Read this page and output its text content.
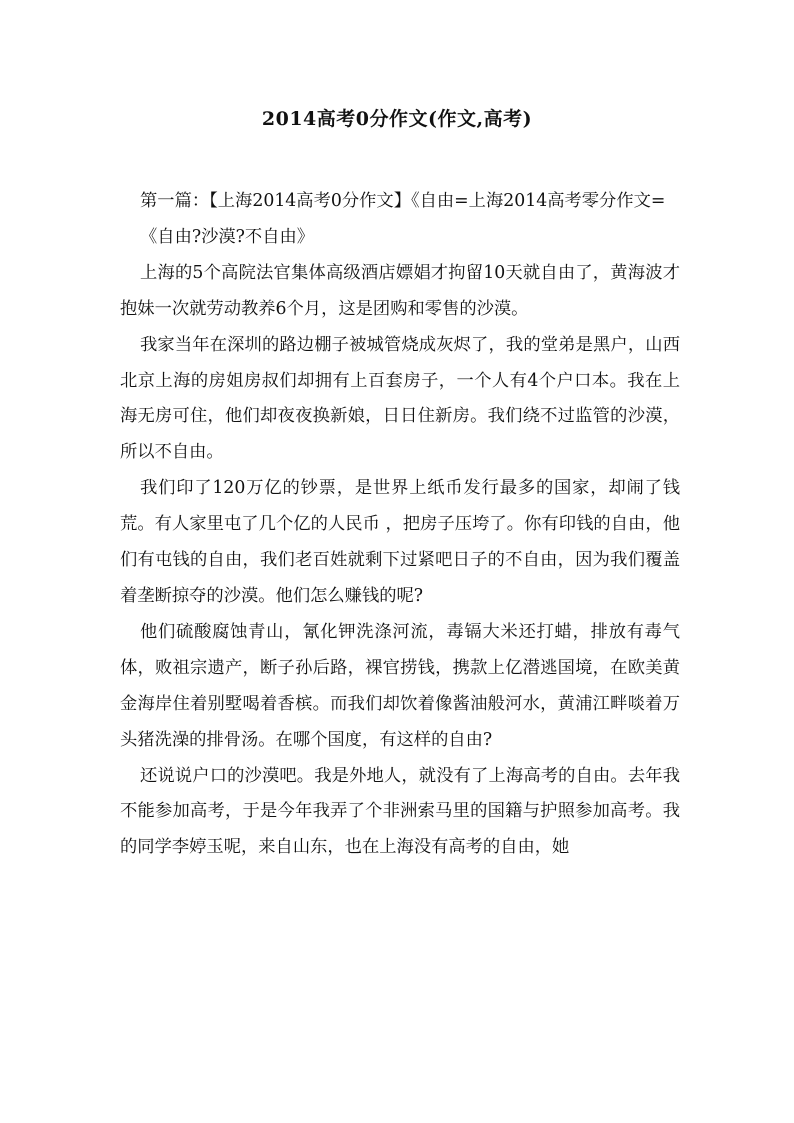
2014高考0分作文(作文,高考)

第一篇：【上海2014高考0分作文】《自由=上海2014高考零分作文=

《自由?沙漠?不自由》

上海的5个高院法官集体高级酒店嫖娼才拘留10天就自由了，黄海波才抱妹一次就劳动教养6个月，这是团购和零售的沙漠。

我家当年在深圳的路边棚子被城管烧成灰烬了，我的堂弟是黑户，山西北京上海的房姐房叔们却拥有上百套房子，一个人有4个户口本。我在上海无房可住，他们却夜夜换新娘，日日住新房。我们绕不过监管的沙漠，所以不自由。

我们印了120万亿的钞票，是世界上纸币发行最多的国家，却闹了钱荒。有人家里屯了几个亿的人民币 ，把房子压垮了。你有印钱的自由，他们有屯钱的自由，我们老百姓就剩下过紧吧日子的不自由，因为我们覆盖着垄断掠夺的沙漠。他们怎么赚钱的呢?

他们硫酸腐蚀青山，氰化钾洗涤河流，毒镉大米还打蜡，排放有毒气体，败祖宗遗产，断子孙后路，裸官捞钱，携款上亿潜逃国境，在欧美黄金海岸住着别墅喝着香槟。而我们却饮着像酱油般河水，黄浦江畔啖着万头猪洗澡的排骨汤。在哪个国度，有这样的自由?

还说说户口的沙漠吧。我是外地人，就没有了上海高考的自由。去年我不能参加高考，于是今年我弄了个非洲索马里的国籍与护照参加高考。我的同学李婷玉呢，来自山东，也在上海没有高考的自由，她
